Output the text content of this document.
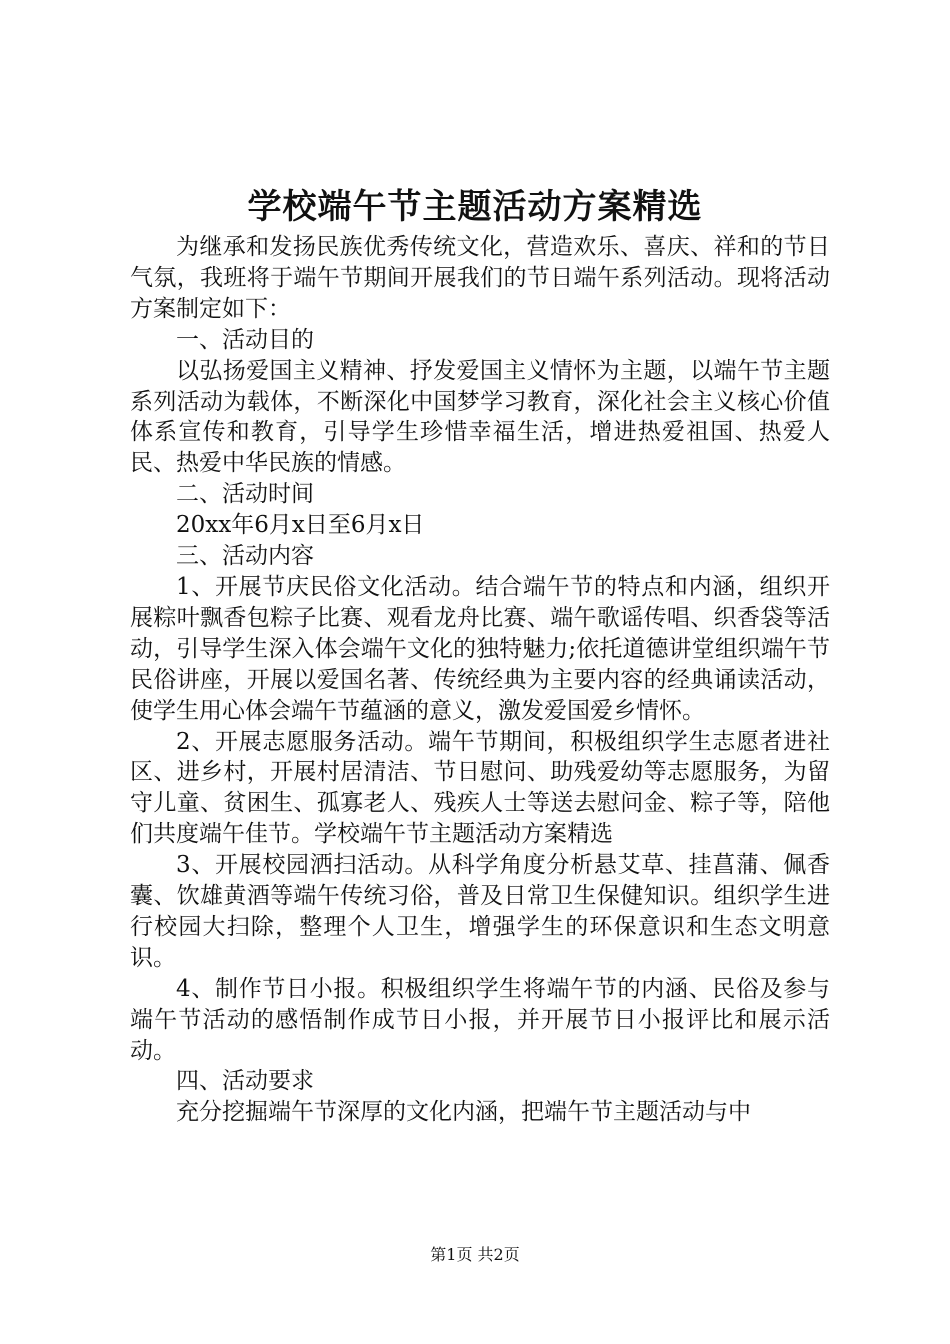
学校端午节主题活动方案精选

为继承和发扬民族优秀传统文化，营造欢乐、喜庆、祥和的节日气氛，我班将于端午节期间开展我们的节日端午系列活动。现将活动方案制定如下：

一、活动目的

以弘扬爱国主义精神、抒发爱国主义情怀为主题，以端午节主题系列活动为载体，不断深化中国梦学习教育，深化社会主义核心价值体系宣传和教育，引导学生珍惜幸福生活，增进热爱祖国、热爱人民、热爱中华民族的情感。

二、活动时间

20xx年6月x日至6月x日

三、活动内容

1、开展节庆民俗文化活动。结合端午节的特点和内涵，组织开展粽叶飘香包粽子比赛、观看龙舟比赛、端午歌谣传唱、织香袋等活动，引导学生深入体会端午文化的独特魅力;依托道德讲堂组织端午节民俗讲座，开展以爱国名著、传统经典为主要内容的经典诵读活动，使学生用心体会端午节蕴涵的意义，激发爱国爱乡情怀。

2、开展志愿服务活动。端午节期间，积极组织学生志愿者进社区、进乡村，开展村居清洁、节日慰问、助残爱幼等志愿服务，为留守儿童、贫困生、孤寡老人、残疾人士等送去慰问金、粽子等，陪他们共度端午佳节。学校端午节主题活动方案精选

3、开展校园洒扫活动。从科学角度分析悬艾草、挂菖蒲、佩香囊、饮雄黄酒等端午传统习俗，普及日常卫生保健知识。组织学生进行校园大扫除，整理个人卫生，增强学生的环保意识和生态文明意识。

4、制作节日小报。积极组织学生将端午节的内涵、民俗及参与端午节活动的感悟制作成节日小报，并开展节日小报评比和展示活动。

四、活动要求

充分挖掘端午节深厚的文化内涵，把端午节主题活动与中

第1页 共2页
